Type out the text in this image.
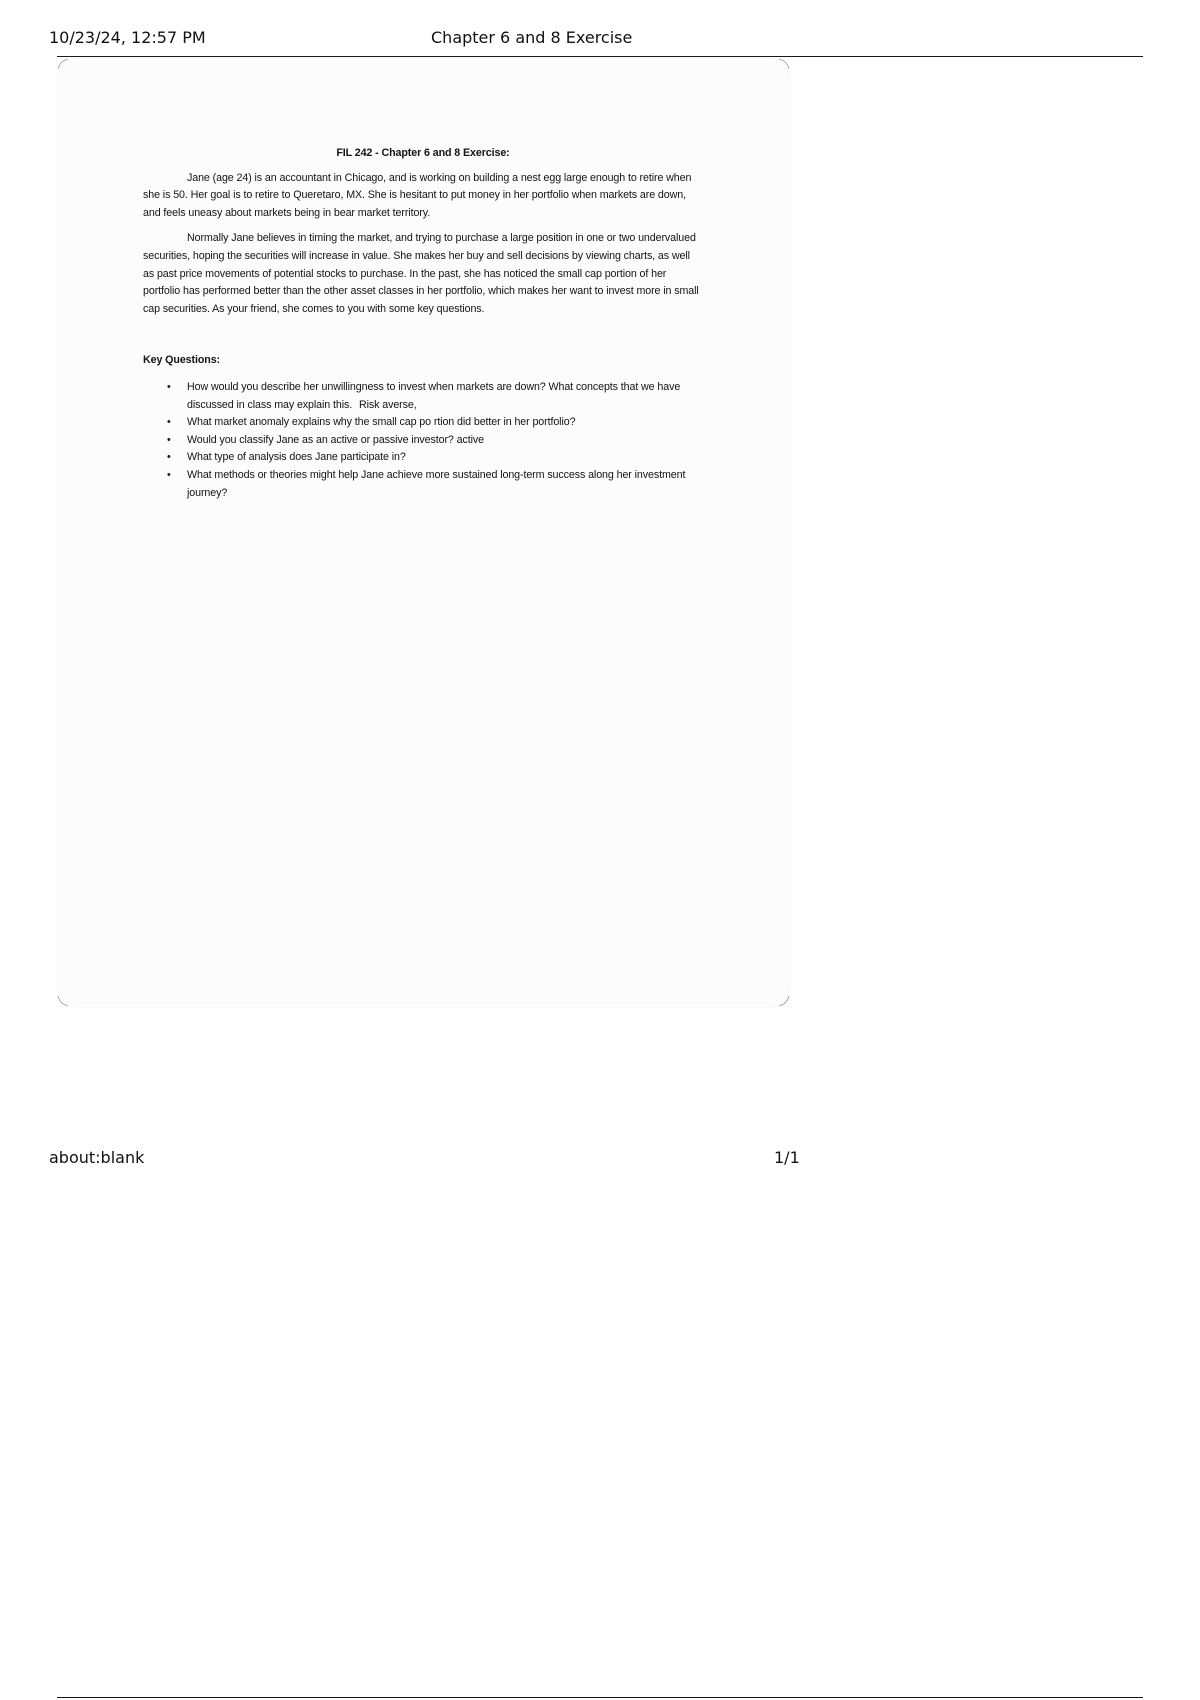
10/23/24, 12:57 PM	Chapter 6 and 8 Exercise
FIL 242 - Chapter 6 and 8 Exercise:

Jane (age 24) is an accountant in Chicago, and is working on building a nest egg large enough to retire when she is 50. Her goal is to retire to Queretaro, MX. She is hesitant to put money in her portfolio when markets are down, and feels uneasy about markets being in bear market territory.

Normally Jane believes in timing the market, and trying to purchase a large position in one or two undervalued securities, hoping the securities will increase in value. She makes her buy and sell decisions by viewing charts, as well as past price movements of potential stocks to purchase. In the past, she has noticed the small cap portion of her portfolio has performed better than the other asset classes in her portfolio, which makes her want to invest more in small cap securities. As your friend, she comes to you with some key questions.

Key Questions:
• How would you describe her unwillingness to invest when markets are down? What concepts that we have discussed in class may explain this. Risk averse,
• What market anomaly explains why the small cap po rtion did better in her portfolio?
• Would you classify Jane as an active or passive investor? active
• What type of analysis does Jane participate in?
• What methods or theories might help Jane achieve more sustained long-term success along her investment journey?
about:blank	1/1
